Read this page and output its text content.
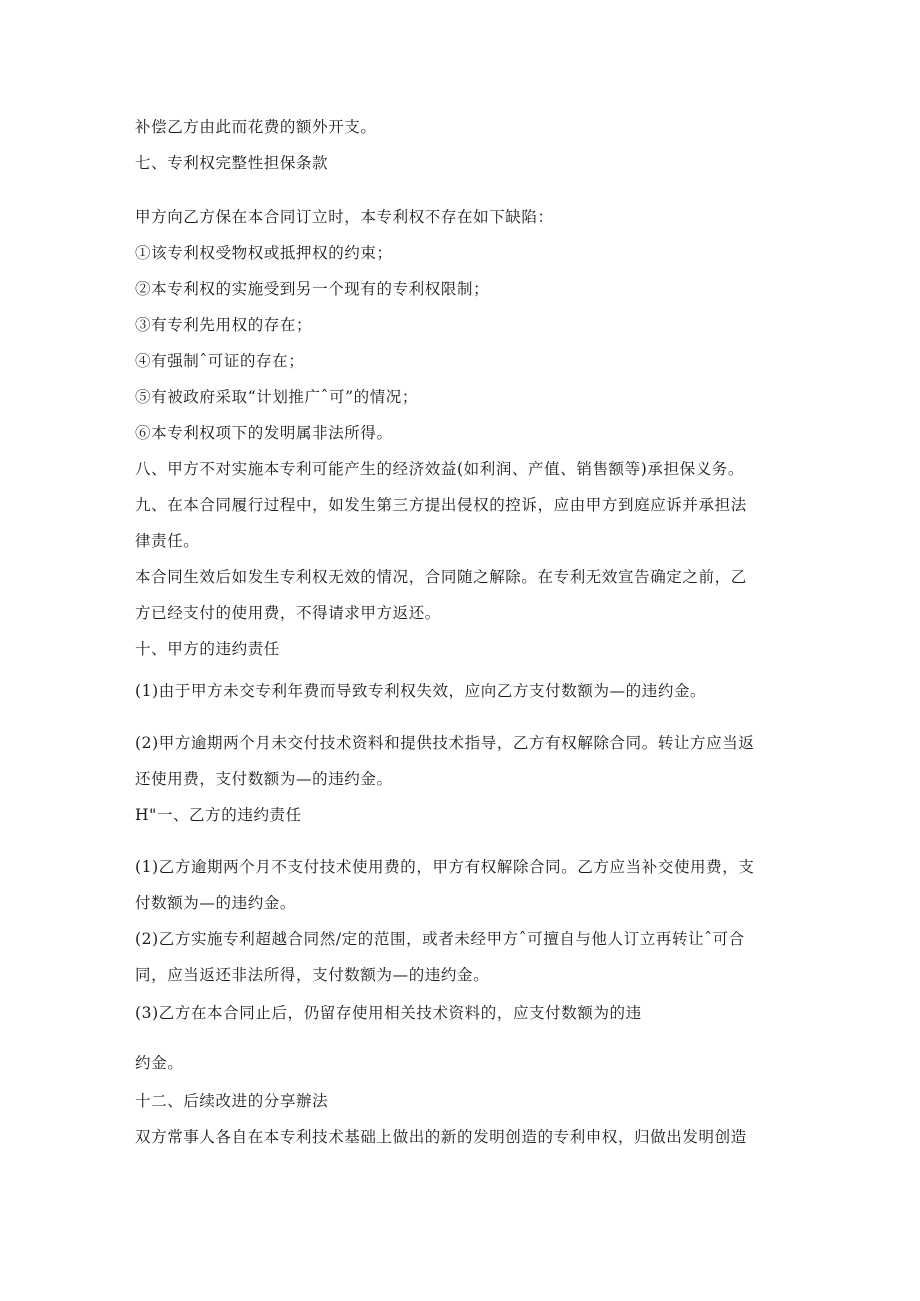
补偿乙方由此而花费的额外开支。
七、专利权完整性担保条款
甲方向乙方保在本合同订立时，本专利权不存在如下缺陷：
①该专利权受物权或抵押权的约束；
②本专利权的实施受到另一个现有的专利权限制；
③有专利先用权的存在；
④有强制ˆ可证的存在；
⑤有被政府采取“计划推广ˆ可”的情况；
⑥本专利权项下的发明属非法所得。
八、甲方不对实施本专利可能产生的经济效益(如利润、产值、销售额等)承担保义务。
九、在本合同履行过程中，如发生第三方提出侵权的控诉，应由甲方到庭应诉并承担法
律责任。
本合同生效后如发生专利权无效的情况，合同随之解除。在专利无效宣告确定之前，乙
方已经支付的使用费，不得请求甲方返还。
十、甲方的违约责任
(1)由于甲方未交专利年费而导致专利权失效，应向乙方支付数额为—的违约金。
(2)甲方逾期两个月未交付技术资料和提供技术指导，乙方有权解除合同。转让方应当返
还使用费，支付数额为—的违约金。
H"一、乙方的违约责任
(1)乙方逾期两个月不支付技术使用费的，甲方有权解除合同。乙方应当补交使用费，支
付数额为—的违约金。
(2)乙方实施专利超越合同然/定的范围，或者未经甲方ˆ可擅自与他人订立再转让ˆ可合
同，应当返还非法所得，支付数额为—的违约金。
(3)乙方在本合同止后，仍留存使用相关技术资料的，应支付数额为的违
约金。
十二、后续改进的分享辦法
双方常事人各自在本专利技术基础上做出的新的发明创造的专利申权，归做出发明创造
